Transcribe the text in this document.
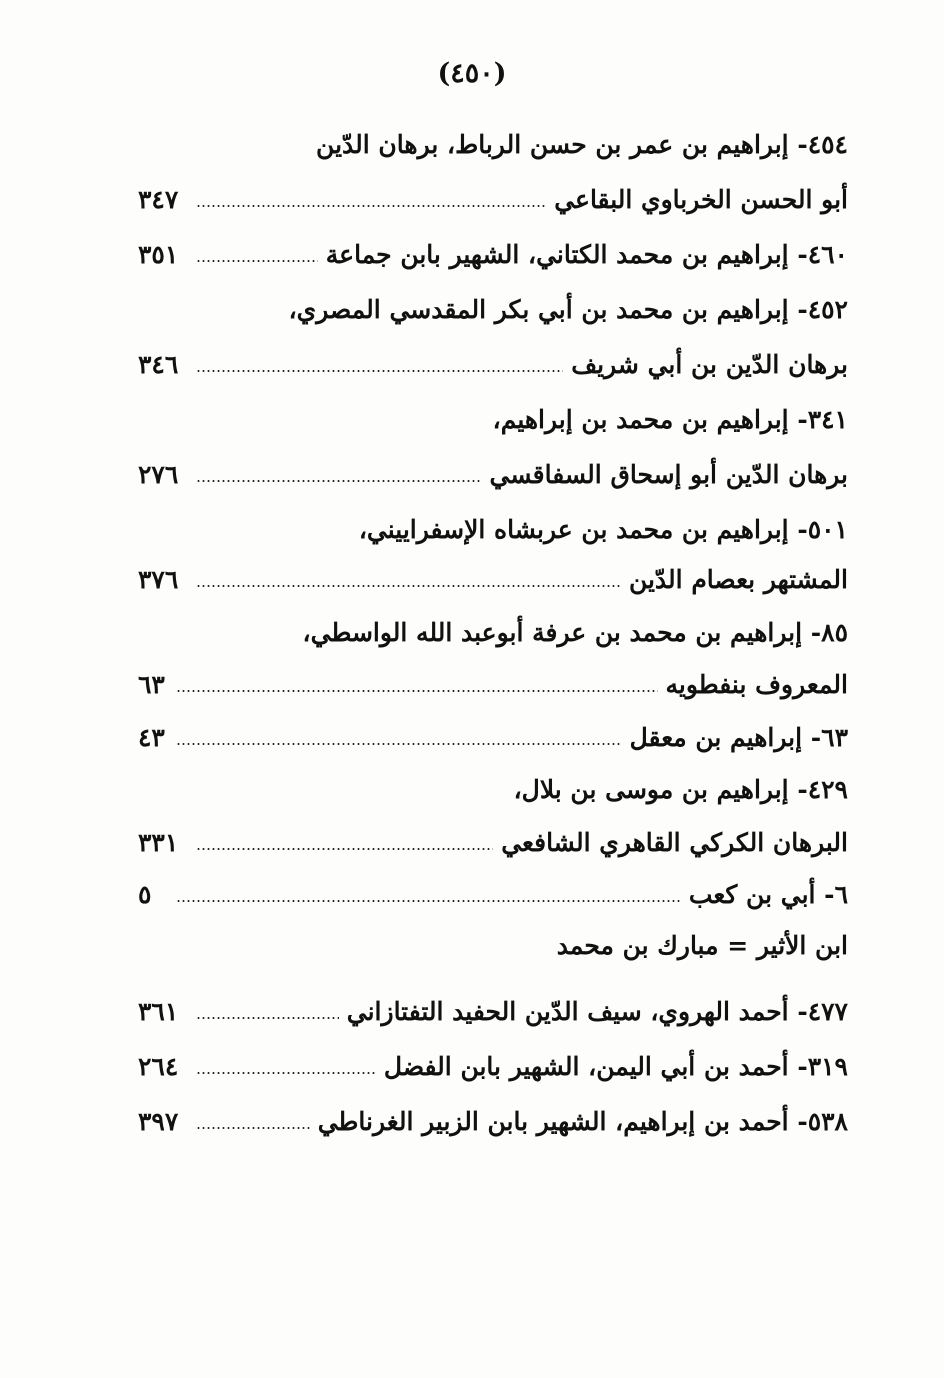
(٤٥٠)
٤٥٤- إبراهيم بن عمر بن حسن الرباط، برهان الدّين
أبو الحسن الخرباوي البقاعي
٣٤٧
٤٦٠- إبراهيم بن محمد الكتاني، الشهير بابن جماعة
٣٥١
٤٥٢- إبراهيم بن محمد بن أبي بكر المقدسي المصري،
برهان الدّين بن أبي شريف
٣٤٦
٣٤١- إبراهيم بن محمد بن إبراهيم،
برهان الدّين أبو إسحاق السفاقسي
٢٧٦
٥٠١- إبراهيم بن محمد بن عربشاه الإسفراييني،
المشتهر بعصام الدّين
٣٧٦
٨٥- إبراهيم بن محمد بن عرفة أبوعبد الله الواسطي،
المعروف بنفطويه
٦٣
٦٣- إبراهيم بن معقل
٤٣
٤٢٩- إبراهيم بن موسى بن بلال،
البرهان الكركي القاهري الشافعي
٣٣١
٦- أبي بن كعب
٥
ابن الأثير = مبارك بن محمد
٤٧٧- أحمد الهروي، سيف الدّين الحفيد التفتازاني
٣٦١
٣١٩- أحمد بن أبي اليمن، الشهير بابن الفضل
٢٦٤
٥٣٨- أحمد بن إبراهيم، الشهير بابن الزبير الغرناطي
٣٩٧
